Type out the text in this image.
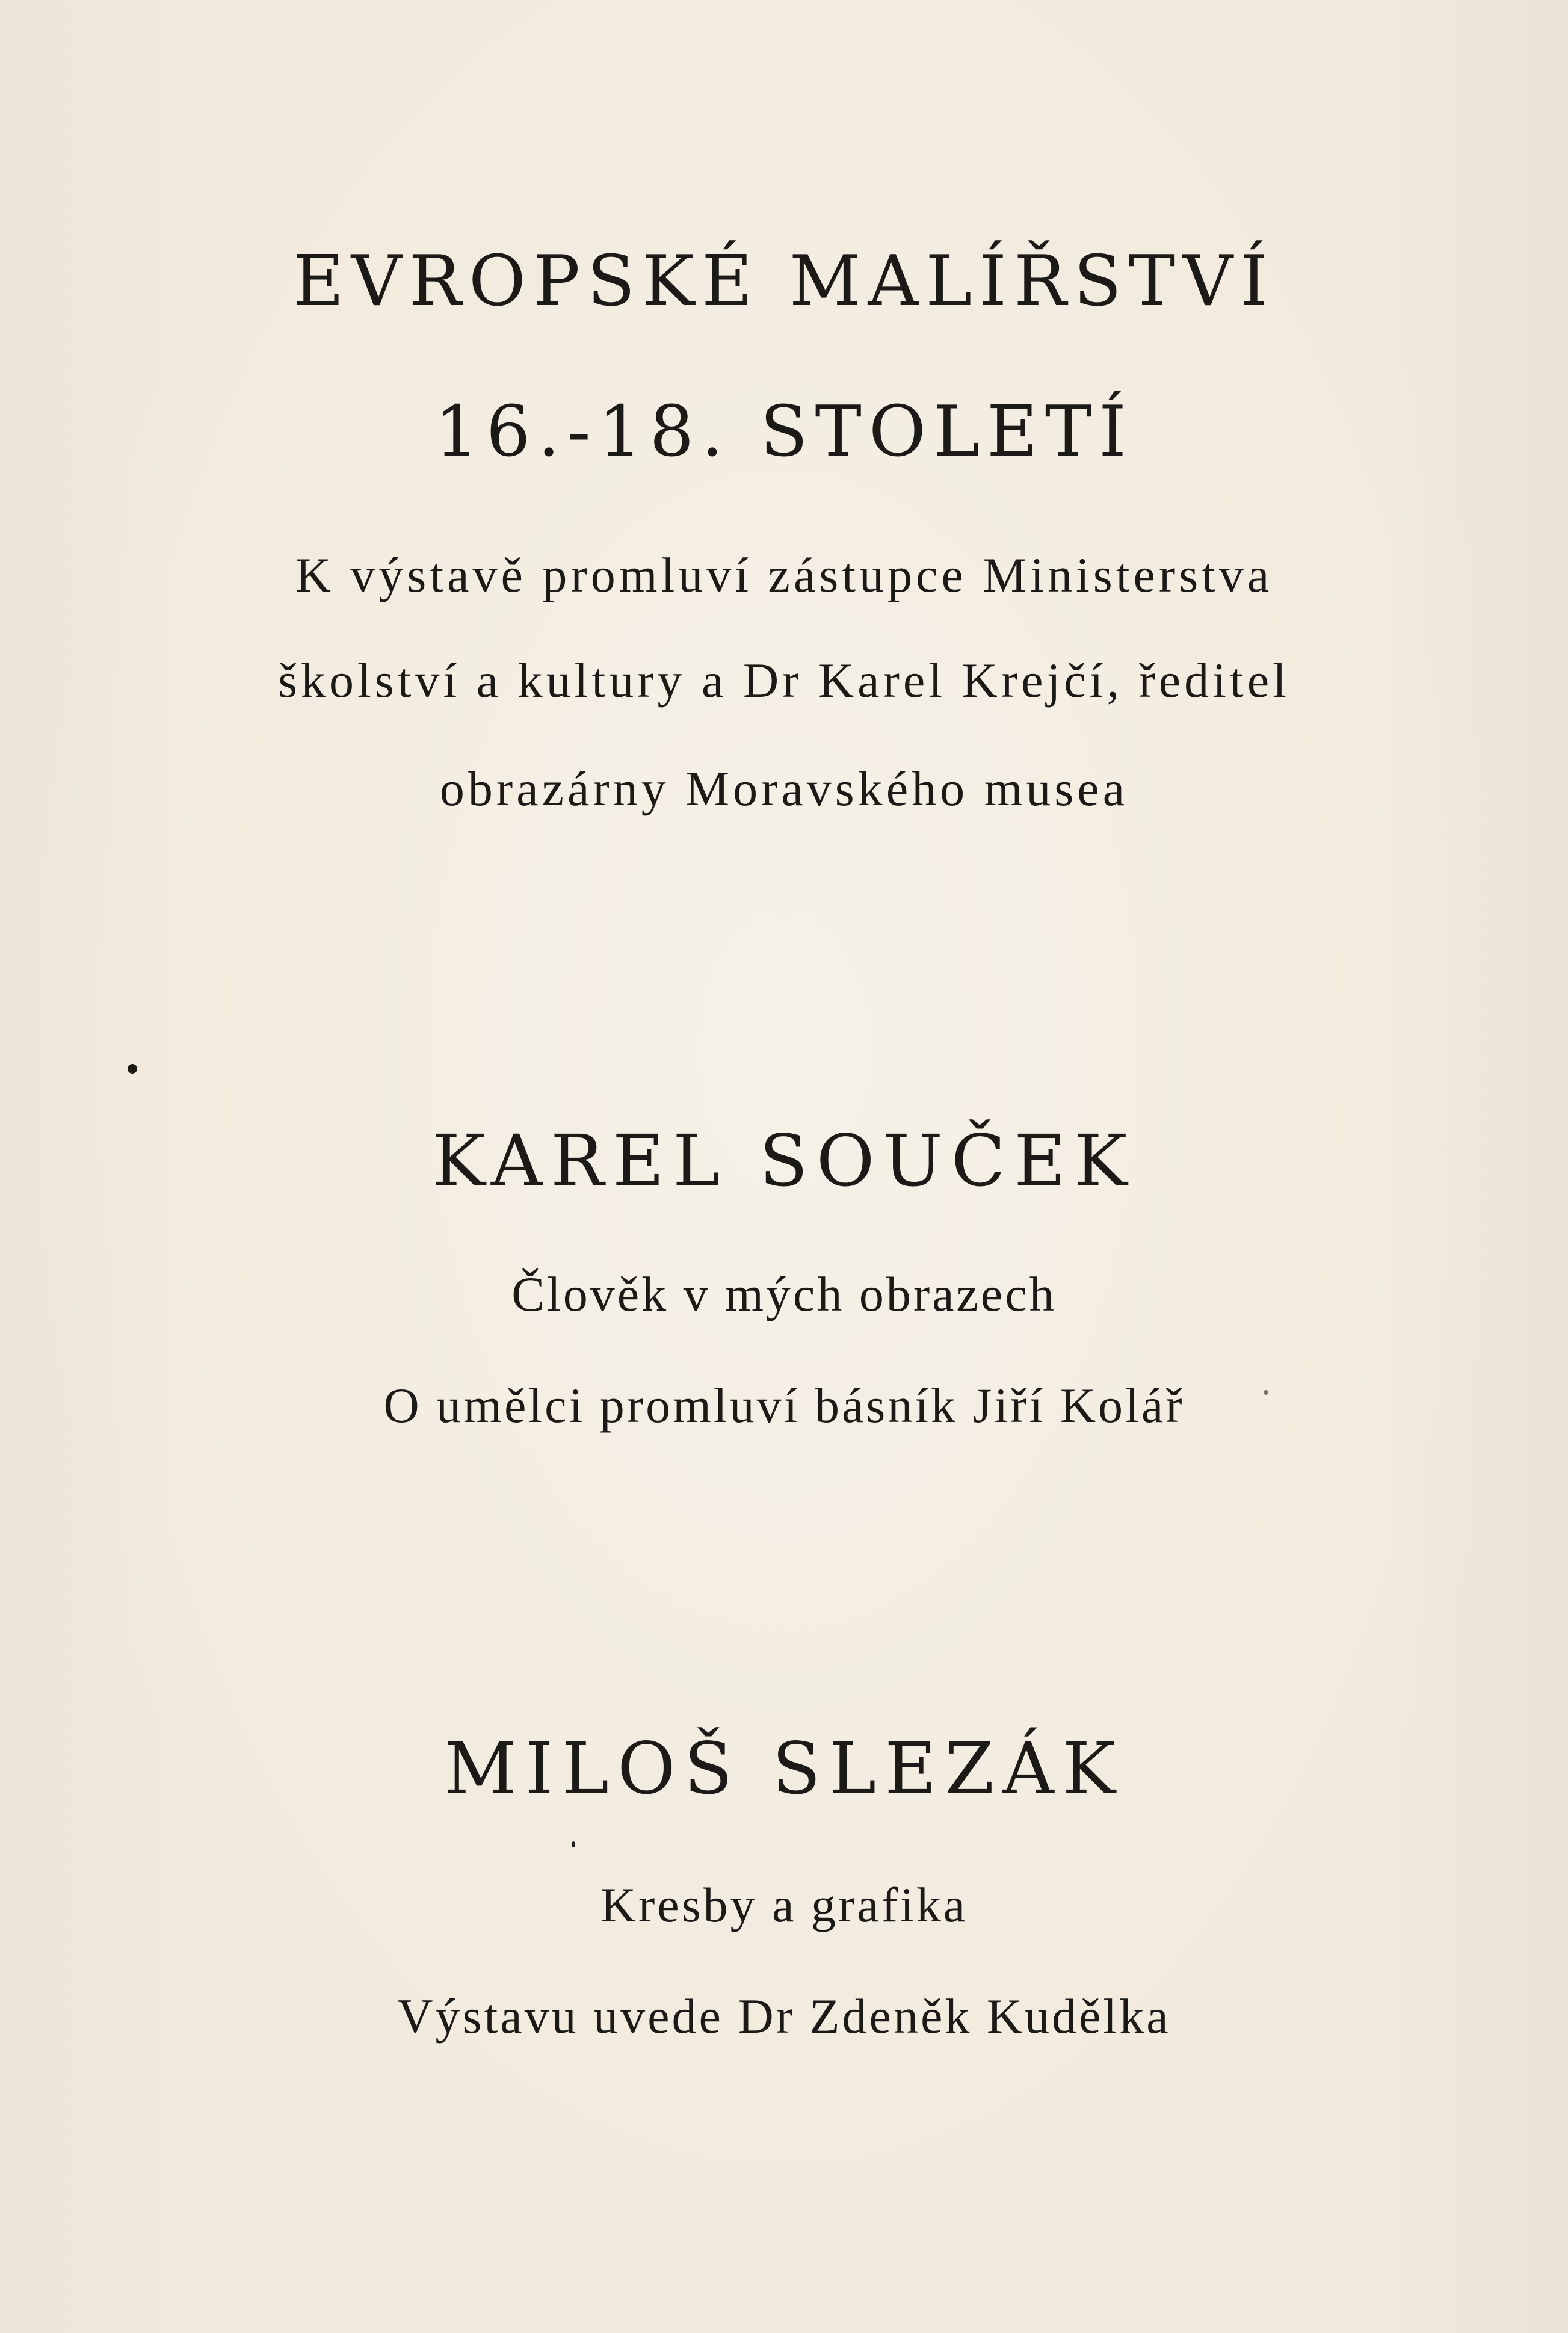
EVROPSKÉ MALÍŘSTVÍ
16.-18. STOLETÍ
K výstavě promluví zástupce Ministerstva
školství a kultury a Dr Karel Krejčí, ředitel
obrazárny Moravského musea
KAREL SOUČEK
Člověk v mých obrazech
O umělci promluví básník Jiří Kolář
MILOŠ SLEZÁK
Kresby a grafika
Výstavu uvede Dr Zdeněk Kudělka
